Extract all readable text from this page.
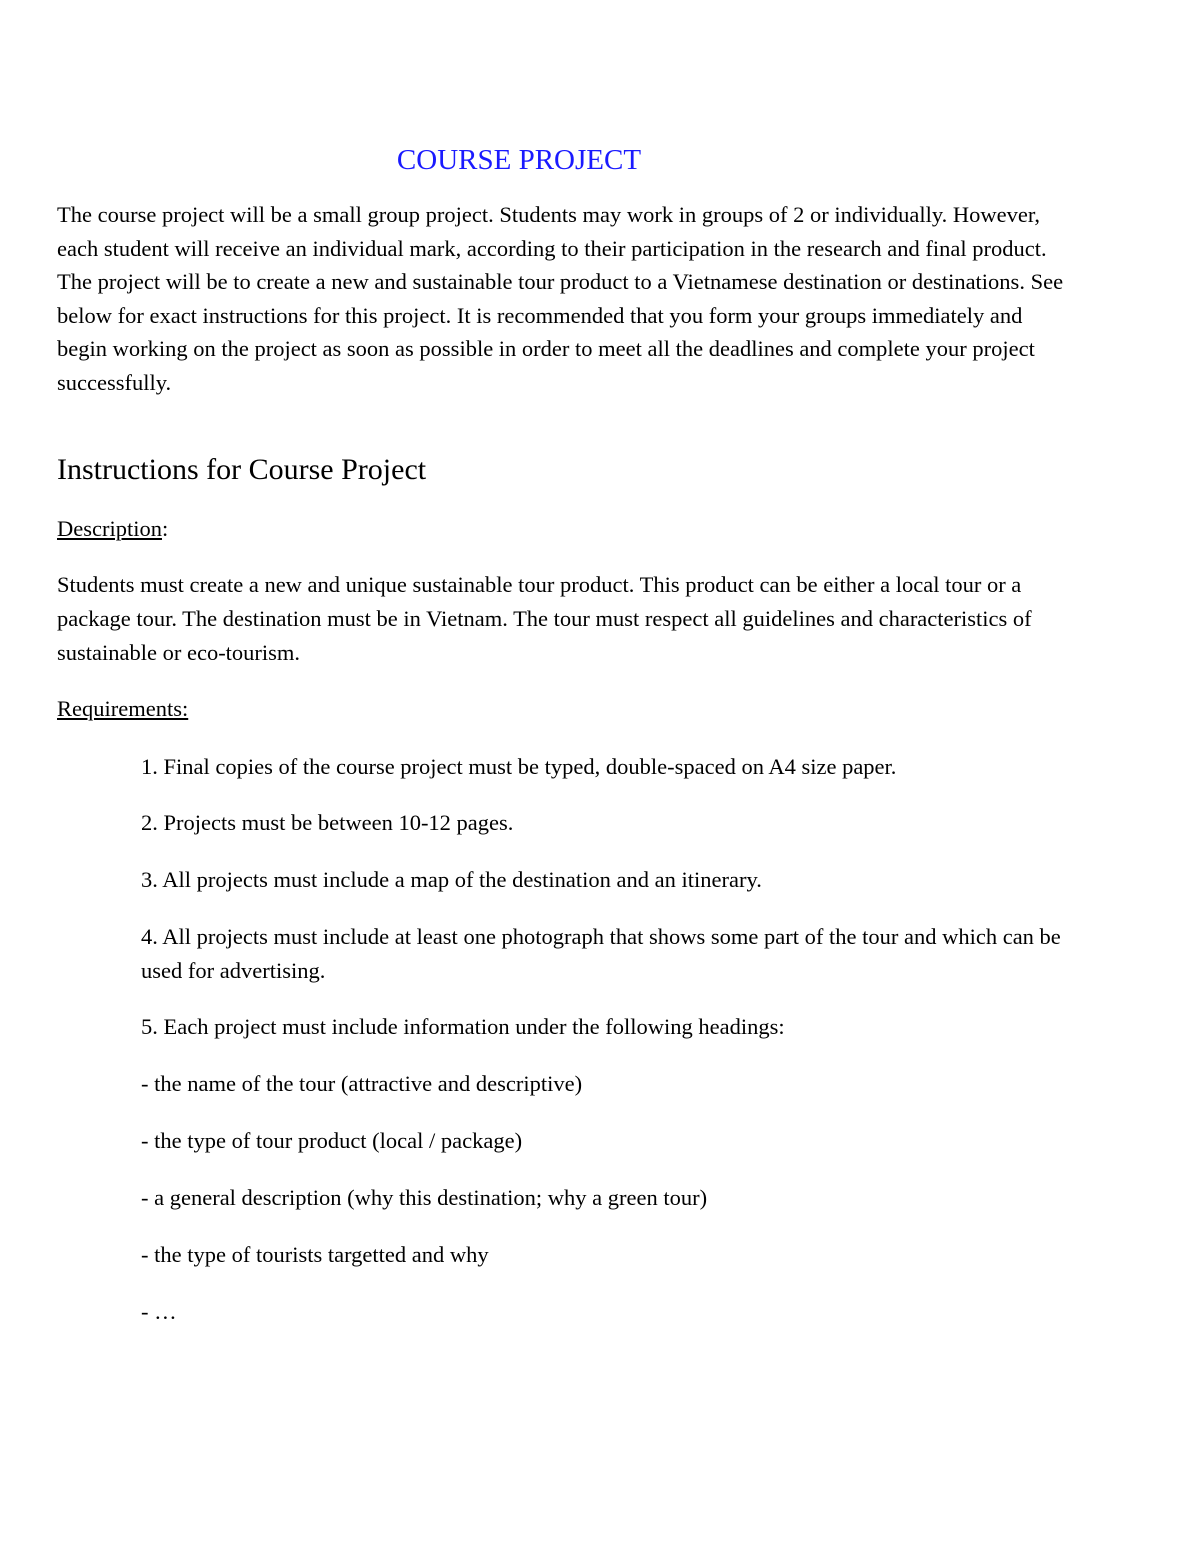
COURSE PROJECT

The course project will be a small group project. Students may work in groups of 2 or individually. However, each student will receive an individual mark, according to their participation in the research and final product. The project will be to create a new and sustainable tour product to a Vietnamese destination or destinations. See below for exact instructions for this project. It is recommended that you form your groups immediately and begin working on the project as soon as possible in order to meet all the deadlines and complete your project successfully.

Instructions for Course Project

Description:

Students must create a new and unique sustainable tour product. This product can be either a local tour or a package tour. The destination must be in Vietnam. The tour must respect all guidelines and characteristics of sustainable or eco-tourism.

Requirements:

1. Final copies of the course project must be typed, double-spaced on A4 size paper.

2. Projects must be between 10-12 pages.

3. All projects must include a map of the destination and an itinerary.

4. All projects must include at least one photograph that shows some part of the tour and which can be used for advertising.

5. Each project must include information under the following headings:

- the name of the tour (attractive and descriptive)

- the type of tour product (local / package)

- a general description (why this destination; why a green tour)

- the type of tourists targetted and why

- …
